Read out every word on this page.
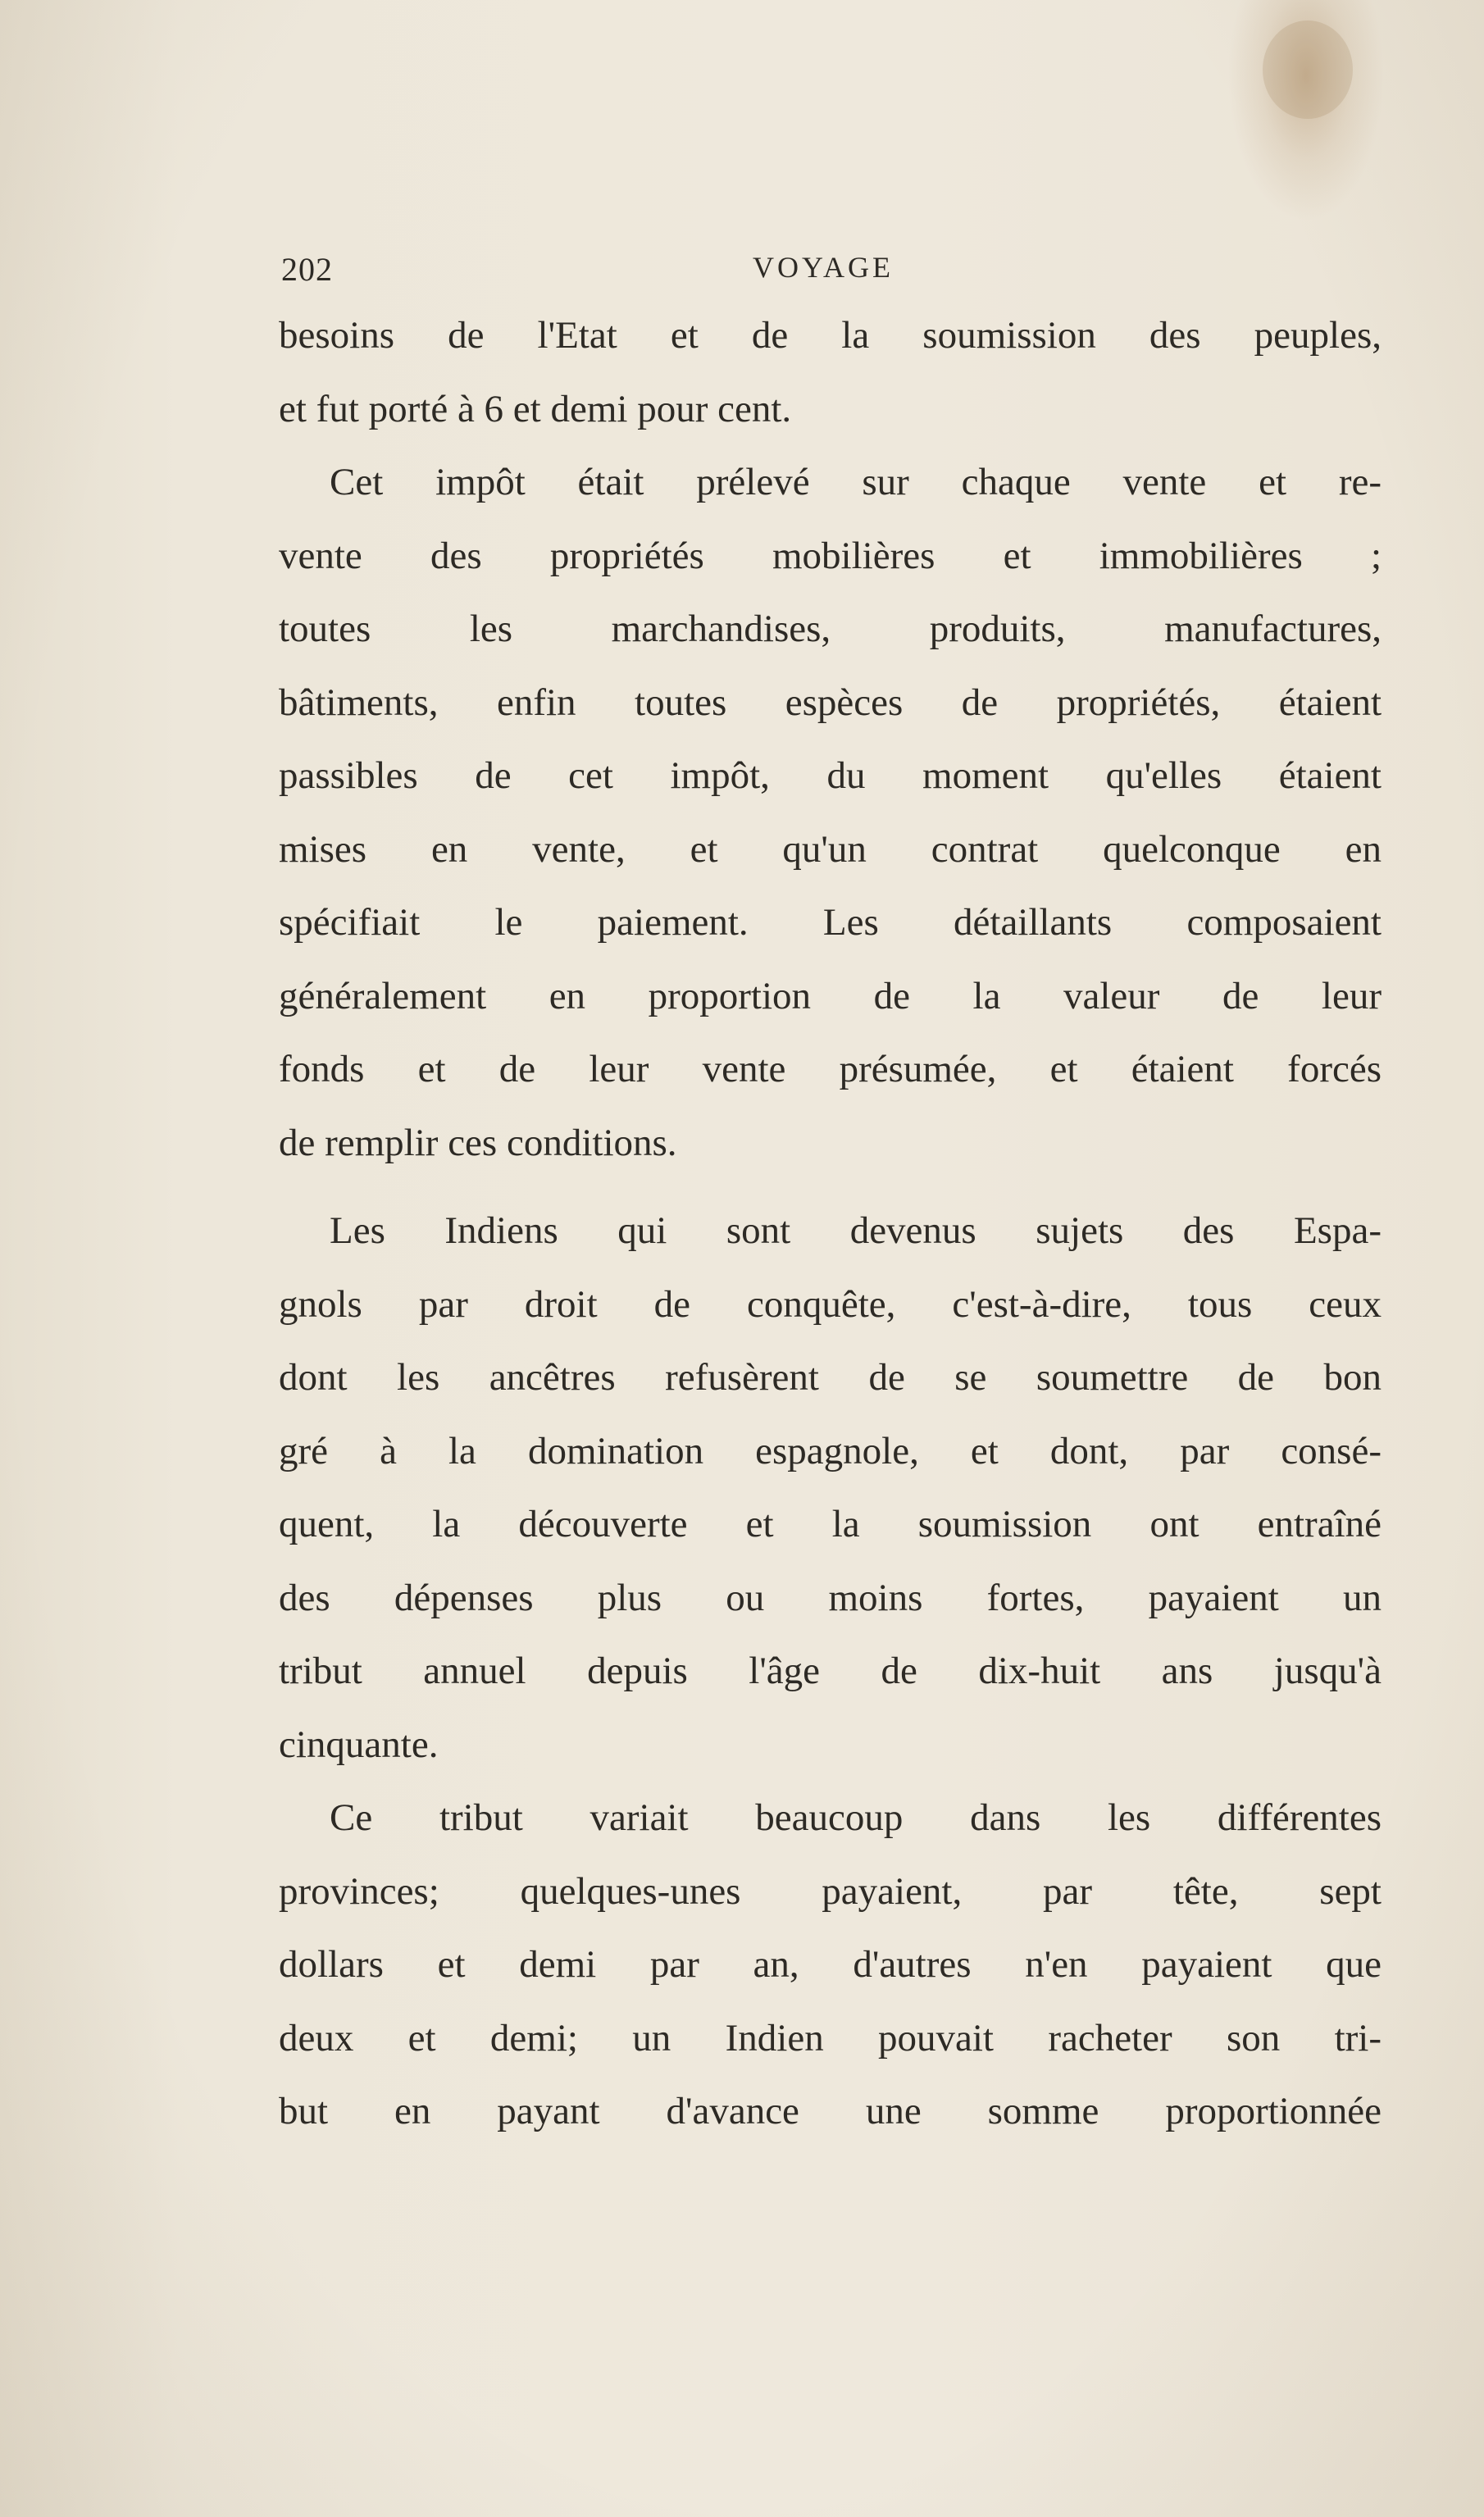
202	VOYAGE
besoins de l'Etat et de la soumission des peuples,
et fut porté à 6 et demi pour cent.
Cet impôt était prélevé sur chaque vente et re-
vente des propriétés mobilières et immobilières ;
toutes les marchandises, produits, manufactures,
bâtiments, enfin toutes espèces de propriétés, étaient
passibles de cet impôt, du moment qu'elles étaient
mises en vente, et qu'un contrat quelconque en
spécifiait le paiement. Les détaillants composaient
généralement en proportion de la valeur de leur
fonds et de leur vente présumée, et étaient forcés
de remplir ces conditions.
Les Indiens qui sont devenus sujets des Espa-
gnols par droit de conquête, c'est-à-dire, tous ceux
dont les ancêtres refusèrent de se soumettre de bon
gré à la domination espagnole, et dont, par consé-
quent, la découverte et la soumission ont entraîné
des dépenses plus ou moins fortes, payaient un
tribut annuel depuis l'âge de dix-huit ans jusqu'à
cinquante.
Ce tribut variait beaucoup dans les différentes
provinces; quelques-unes payaient, par tête, sept
dollars et demi par an, d'autres n'en payaient que
deux et demi; un Indien pouvait racheter son tri-
but en payant d'avance une somme proportionnée
